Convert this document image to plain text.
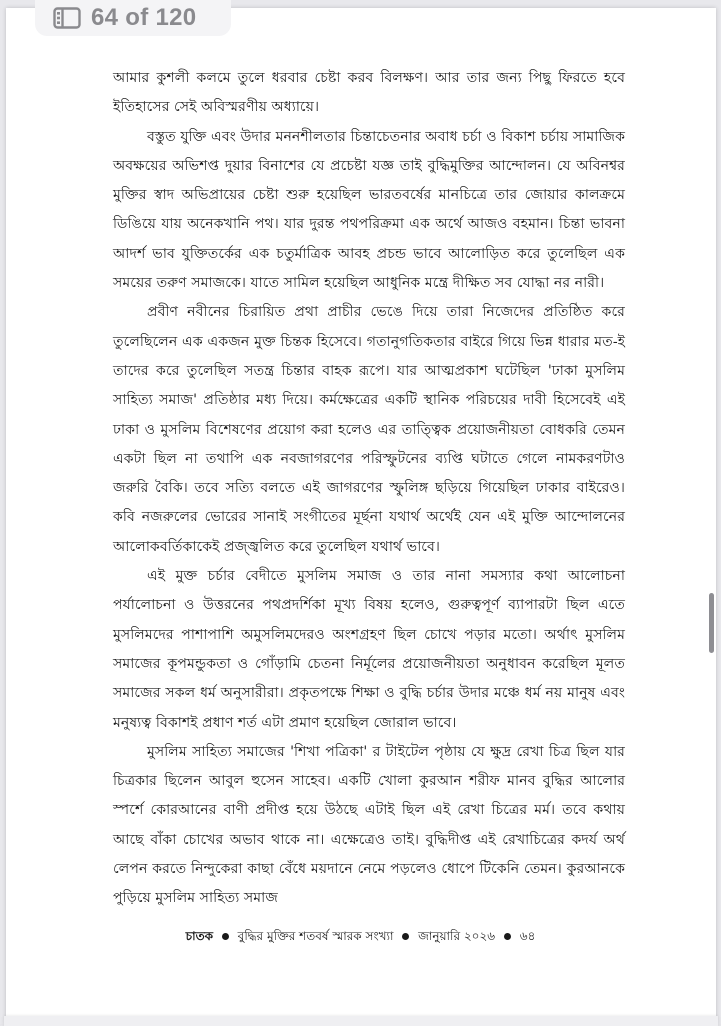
64 of 120

আমার কুশলী কলমে তুলে ধরবার চেষ্টা করব বিলক্ষণ। আর তার জন্য পিছু ফিরতে হবে ইতিহাসের সেই অবিস্মরণীয় অধ্যায়ে।

বস্তুত যুক্তি এবং উদার মননশীলতার চিন্তাচেতনার অবাধ চর্চা ও বিকাশ চর্চায় সামাজিক অবক্ষয়ের অভিশপ্ত দুয়ার বিনাশের যে প্রচেষ্টা যজ্ঞ তাই বুদ্ধিমুক্তির আন্দোলন। যে অবিনশ্বর মুক্তির স্বাদ অভিপ্রায়ের চেষ্টা শুরু হয়েছিল ভারতবর্ষের মানচিত্রে তার জোয়ার কালক্রমে ডিঙিয়ে যায় অনেকখানি পথ। যার দুরন্ত পথপরিক্রমা এক অর্থে আজও বহমান। চিন্তা ভাবনা আদর্শ ভাব যুক্তিতর্কের এক চতুর্মাত্রিক আবহ প্রচন্ড ভাবে আলোড়িত করে তুলেছিল এক সময়ের তরুণ সমাজকে। যাতে সামিল হয়েছিল আধুনিক মন্ত্রে দীক্ষিত সব যোদ্ধা নর নারী।

প্রবীণ নবীনের চিরায়িত প্রথা প্রাচীর ভেঙে দিয়ে তারা নিজেদের প্রতিষ্ঠিত করে তুলেছিলেন এক একজন মুক্ত চিন্তক হিসেবে। গতানুগতিকতার বাইরে গিয়ে ভিন্ন ধারার মত-ই তাদের করে তুলেছিল সতন্ত্র চিন্তার বাহক রূপে। যার আত্মপ্রকাশ ঘটেছিল 'ঢাকা মুসলিম সাহিত্য সমাজ' প্রতিষ্ঠার মধ্য দিয়ে। কর্মক্ষেত্রের একটি স্থানিক পরিচয়ের দাবী হিসেবেই এই ঢাকা ও মুসলিম বিশেষণের প্রয়োগ করা হলেও এর তাত্ত্বিক প্রয়োজনীয়তা বোধকরি তেমন একটা ছিল না তথাপি এক নবজাগরণের পরিস্ফুটনের ব্যপ্তি ঘটাতে গেলে নামকরণটাও জরুরি বৈকি। তবে সত্যি বলতে এই জাগরণের স্ফুলিঙ্গ ছড়িয়ে গিয়েছিল ঢাকার বাইরেও। কবি নজরুলের ভোরের সানাই সংগীতের মূর্ছনা যথার্থ অর্থেই যেন এই মুক্তি আন্দোলনের আলোকবর্তিকাকেই প্রজ্জ্বলিত করে তুলেছিল যথার্থ ভাবে।

এই মুক্ত চর্চার বেদীতে মুসলিম সমাজ ও তার নানা সমস্যার কথা আলোচনা পর্যালোচনা ও উত্তরনের পথপ্রদর্শিকা মূখ্য বিষয় হলেও, গুরুত্বপূর্ণ ব্যাপারটা ছিল এতে মুসলিমদের পাশাপাশি অমুসলিমদেরও অংশগ্রহণ ছিল চোখে পড়ার মতো। অর্থাৎ মুসলিম সমাজের কূপমন্ডুকতা ও গোঁড়ামি চেতনা নির্মূলের প্রয়োজনীয়তা অনুধাবন করেছিল মূলত সমাজের সকল ধর্ম অনুসারীরা। প্রকৃতপক্ষে শিক্ষা ও বুদ্ধি চর্চার উদার মঞ্চে ধর্ম নয় মানুষ এবং মনুষ্যত্ব বিকাশই প্রধাণ শর্ত এটা প্রমাণ হয়েছিল জোরাল ভাবে।

মুসলিম সাহিত্য সমাজের 'শিখা পত্রিকা' র টাইটেল পৃষ্ঠায় যে ক্ষুদ্র রেখা চিত্র ছিল যার চিত্রকার ছিলেন আবুল হুসেন সাহেব। একটি খোলা কুরআন শরীফ মানব বুদ্ধির আলোর স্পর্শে কোরআনের বাণী প্রদীপ্ত হয়ে উঠছে এটাই ছিল এই রেখা চিত্রের মর্ম। তবে কথায় আছে বাঁকা চোখের অভাব থাকে না। এক্ষেত্রেও তাই। বুদ্ধিদীপ্ত এই রেখাচিত্রের কদর্য অর্থ লেপন করতে নিন্দুকেরা কাছা বেঁধে ময়দানে নেমে পড়লেও ধোপে টিকেনি তেমন। কুরআনকে পুড়িয়ে মুসলিম সাহিত্য সমাজ

চাতক বুদ্ধির মুক্তির শতবর্ষ স্মারক সংখ্যা জানুয়ারি ২০২৬ ৬৪
